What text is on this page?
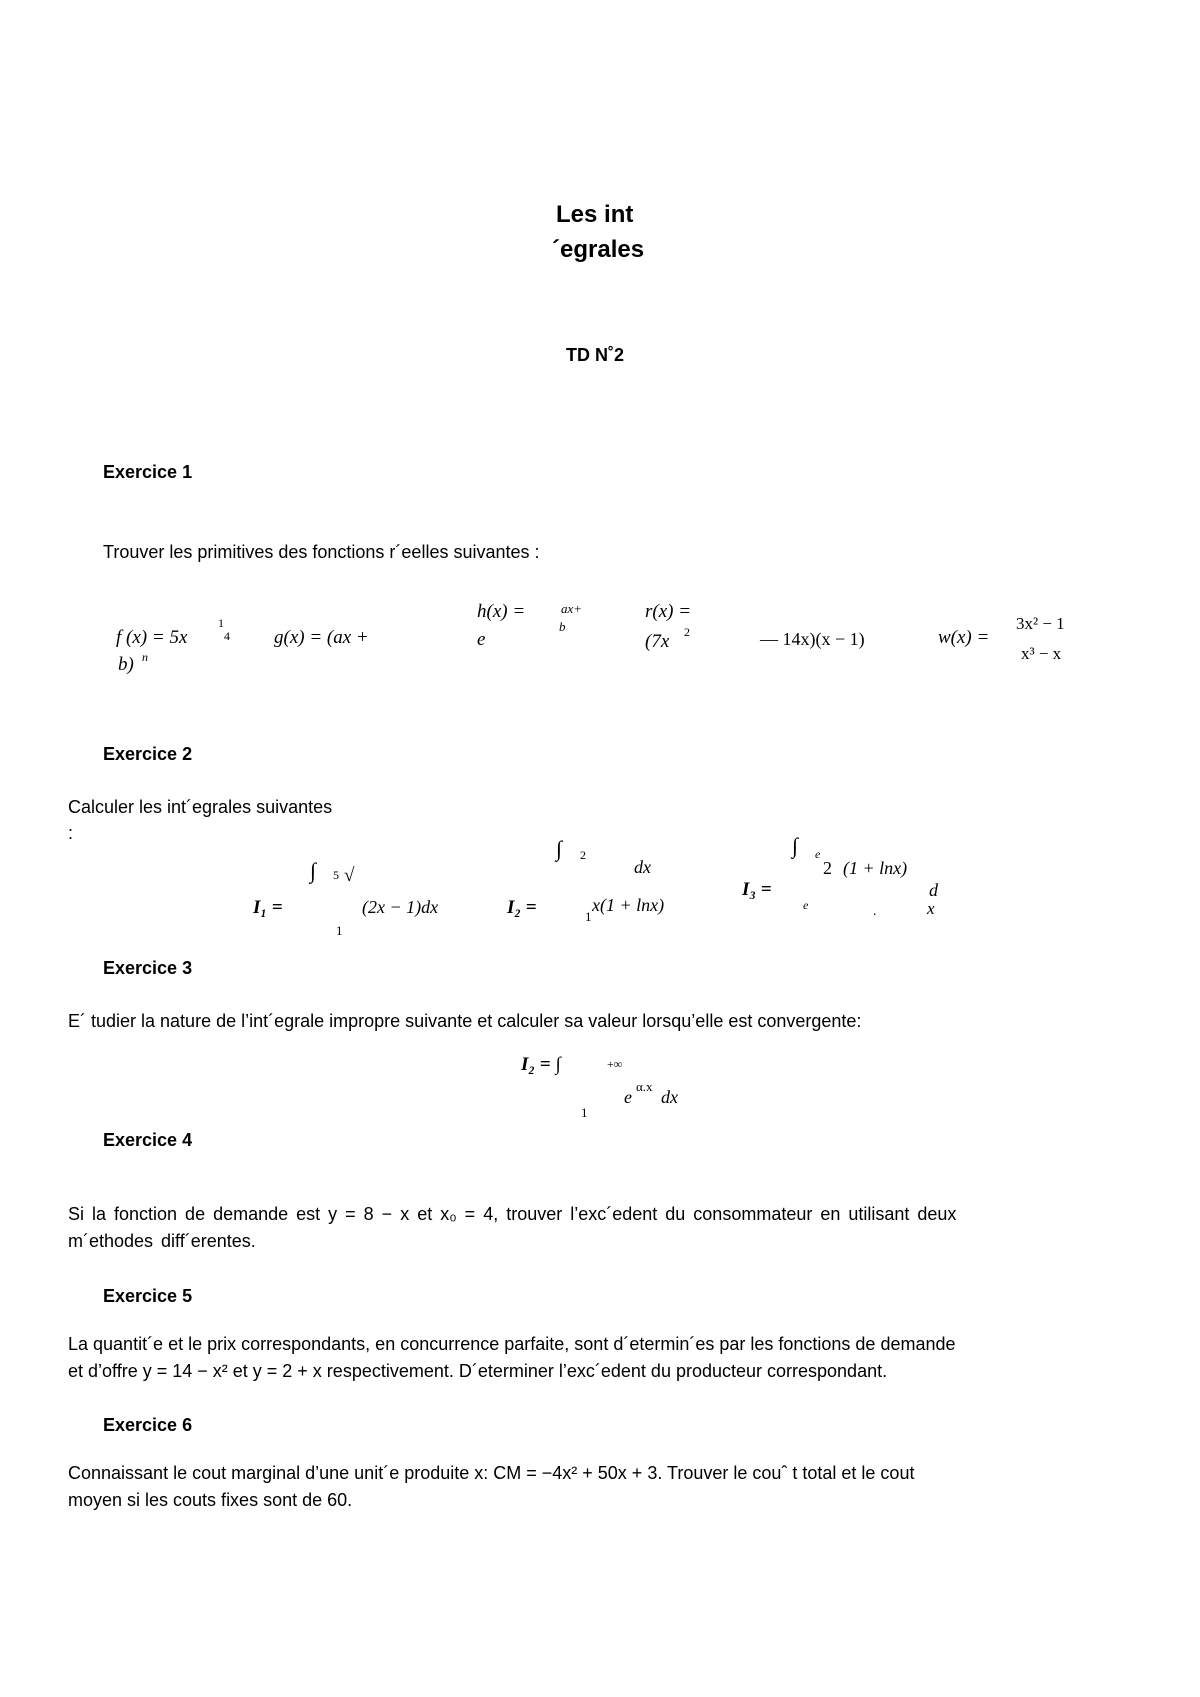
Les int
´egrales
TD N˚2
Exercice 1
Trouver les primitives des fonctions r´eelles suivantes :
f (x) = 5x
1
4 g(x) = (ax +
b) n
h(x) =
e
ax+
b
r(x) =
(7x 2	— 14x)(x − 1)	w(x) =
3x² − 1
x³ − x
Exercice 2
Calculer les int´egrales suivantes
:
∫ 5 √
I₁ =	(2x − 1)dx
1
∫ 2
dx
I₂ =	x(1 + lnx)
1
∫ e
2 (1 + lnx)
I₃ =	d
x
e	.
Exercice 3
E´ tudier la nature de l’int´egrale impropre suivante et calculer sa valeur lorsqu’elle est convergente:
I₂ = ∫	+∞
e
α.x
dx
1
Exercice 4
Si la fonction de demande est y = 8 − x et x₀ = 4, trouver l’exc´edent du consommateur en utilisant deux
m´ethodes diff´erentes.
Exercice 5
La quantit´e et le prix correspondants, en concurrence parfaite, sont d´etermin´es par les fonctions de demande
et d’offre y = 14 − x² et y = 2 + x respectivement. D´eterminer l’exc´edent du producteur correspondant.
Exercice 6
Connaissant le cout marginal d’une unit´e produite x: CM = −4x² + 50x + 3. Trouver le couˆ t total et le cout
moyen si les couts fixes sont de 60.
